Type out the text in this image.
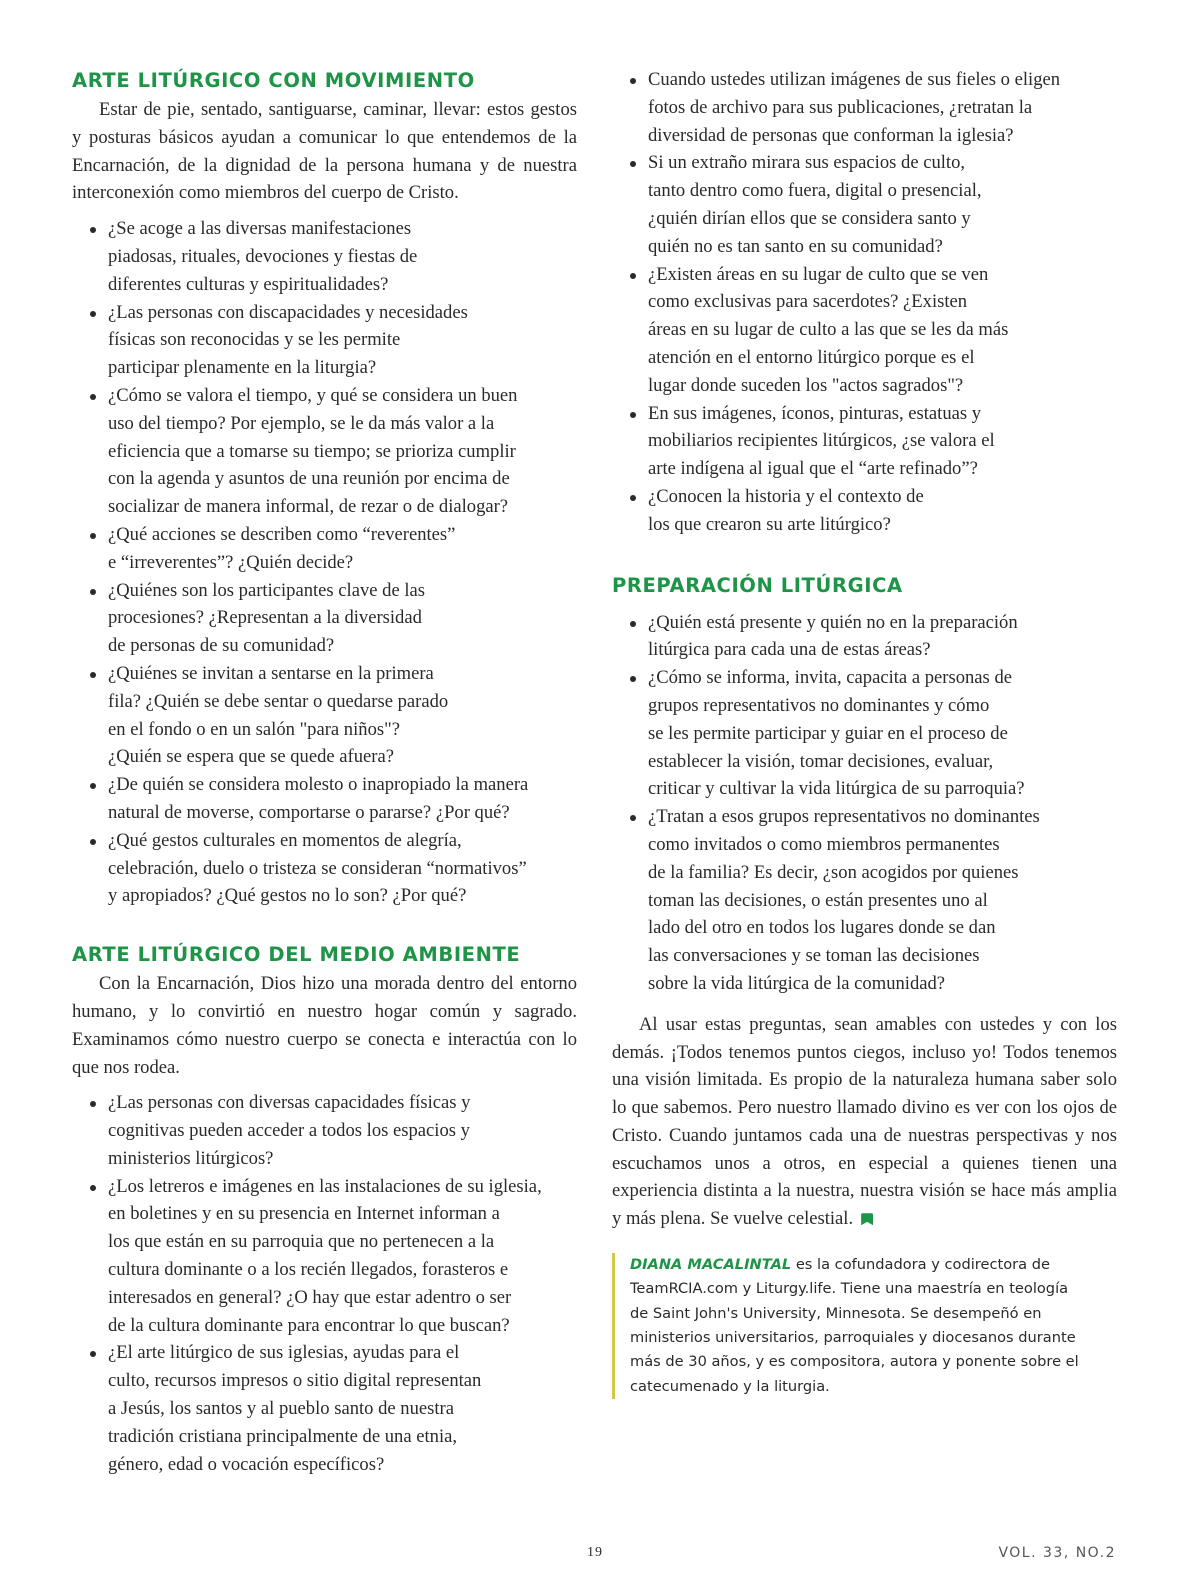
ARTE LITÚRGICO CON MOVIMIENTO

Estar de pie, sentado, santiguarse, caminar, llevar: estos gestos y posturas básicos ayudan a comunicar lo que entendemos de la Encarnación, de la dignidad de la persona humana y de nuestra interconexión como miembros del cuerpo de Cristo.

¿Se acoge a las diversas manifestaciones
piadosas, rituales, devociones y fiestas de
diferentes culturas y espiritualidades?
¿Las personas con discapacidades y necesidades
físicas son reconocidas y se les permite
participar plenamente en la liturgia?
¿Cómo se valora el tiempo, y qué se considera un buen
uso del tiempo? Por ejemplo, se le da más valor a la
eficiencia que a tomarse su tiempo; se prioriza cumplir
con la agenda y asuntos de una reunión por encima de
socializar de manera informal, de rezar o de dialogar?
¿Qué acciones se describen como “reverentes”
e “irreverentes”? ¿Quién decide?
¿Quiénes son los participantes clave de las
procesiones? ¿Representan a la diversidad
de personas de su comunidad?
¿Quiénes se invitan a sentarse en la primera
fila? ¿Quién se debe sentar o quedarse parado
en el fondo o en un salón "para niños"?
¿Quién se espera que se quede afuera?
¿De quién se considera molesto o inapropiado la manera
natural de moverse, comportarse o pararse? ¿Por qué?
¿Qué gestos culturales en momentos de alegría,
celebración, duelo o tristeza se consideran “normativos”
y apropiados? ¿Qué gestos no lo son? ¿Por qué?
ARTE LITÚRGICO DEL MEDIO AMBIENTE

Con la Encarnación, Dios hizo una morada dentro del entorno humano, y lo convirtió en nuestro hogar común y sagrado. Examinamos cómo nuestro cuerpo se conecta e interactúa con lo que nos rodea.

¿Las personas con diversas capacidades físicas y
cognitivas pueden acceder a todos los espacios y
ministerios litúrgicos?
¿Los letreros e imágenes en las instalaciones de su iglesia,
en boletines y en su presencia en Internet informan a
los que están en su parroquia que no pertenecen a la
cultura dominante o a los recién llegados, forasteros e
interesados en general? ¿O hay que estar adentro o ser
de la cultura dominante para encontrar lo que buscan?
¿El arte litúrgico de sus iglesias, ayudas para el
culto, recursos impresos o sitio digital representan
a Jesús, los santos y al pueblo santo de nuestra
tradición cristiana principalmente de una etnia,
género, edad o vocación específicos?
Cuando ustedes utilizan imágenes de sus fieles o eligen
fotos de archivo para sus publicaciones, ¿retratan la
diversidad de personas que conforman la iglesia?
Si un extraño mirara sus espacios de culto,
tanto dentro como fuera, digital o presencial,
¿quién dirían ellos que se considera santo y
quién no es tan santo en su comunidad?
¿Existen áreas en su lugar de culto que se ven
como exclusivas para sacerdotes? ¿Existen
áreas en su lugar de culto a las que se les da más
atención en el entorno litúrgico porque es el
lugar donde suceden los "actos sagrados"?
En sus imágenes, íconos, pinturas, estatuas y
mobiliarios recipientes litúrgicos, ¿se valora el
arte indígena al igual que el “arte refinado”?
¿Conocen la historia y el contexto de
los que crearon su arte litúrgico?
PREPARACIÓN LITÚRGICA
¿Quién está presente y quién no en la preparación
litúrgica para cada una de estas áreas?
¿Cómo se informa, invita, capacita a personas de
grupos representativos no dominantes y cómo
se les permite participar y guiar en el proceso de
establecer la visión, tomar decisiones, evaluar,
criticar y cultivar la vida litúrgica de su parroquia?
¿Tratan a esos grupos representativos no dominantes
como invitados o como miembros permanentes
de la familia? Es decir, ¿son acogidos por quienes
toman las decisiones, o están presentes uno al
lado del otro en todos los lugares donde se dan
las conversaciones y se toman las decisiones
sobre la vida litúrgica de la comunidad?

Al usar estas preguntas, sean amables con ustedes y con los demás. ¡Todos tenemos puntos ciegos, incluso yo! Todos tenemos una visión limitada. Es propio de la naturaleza humana saber solo lo que sabemos. Pero nuestro llamado divino es ver con los ojos de Cristo. Cuando juntamos cada una de nuestras perspectivas y nos escuchamos unos a otros, en especial a quienes tienen una experiencia distinta a la nuestra, nuestra visión se hace más amplia y más plena. Se vuelve celestial.

DIANA MACALINTAL es la cofundadora y codirectora de
TeamRCIA.com y Liturgy.life. Tiene una maestría en teología
de Saint John's University, Minnesota. Se desempeñó en
ministerios universitarios, parroquiales y diocesanos durante
más de 30 años, y es compositora, autora y ponente sobre el
catecumenado y la liturgia.
19	VOL. 33, NO.2
